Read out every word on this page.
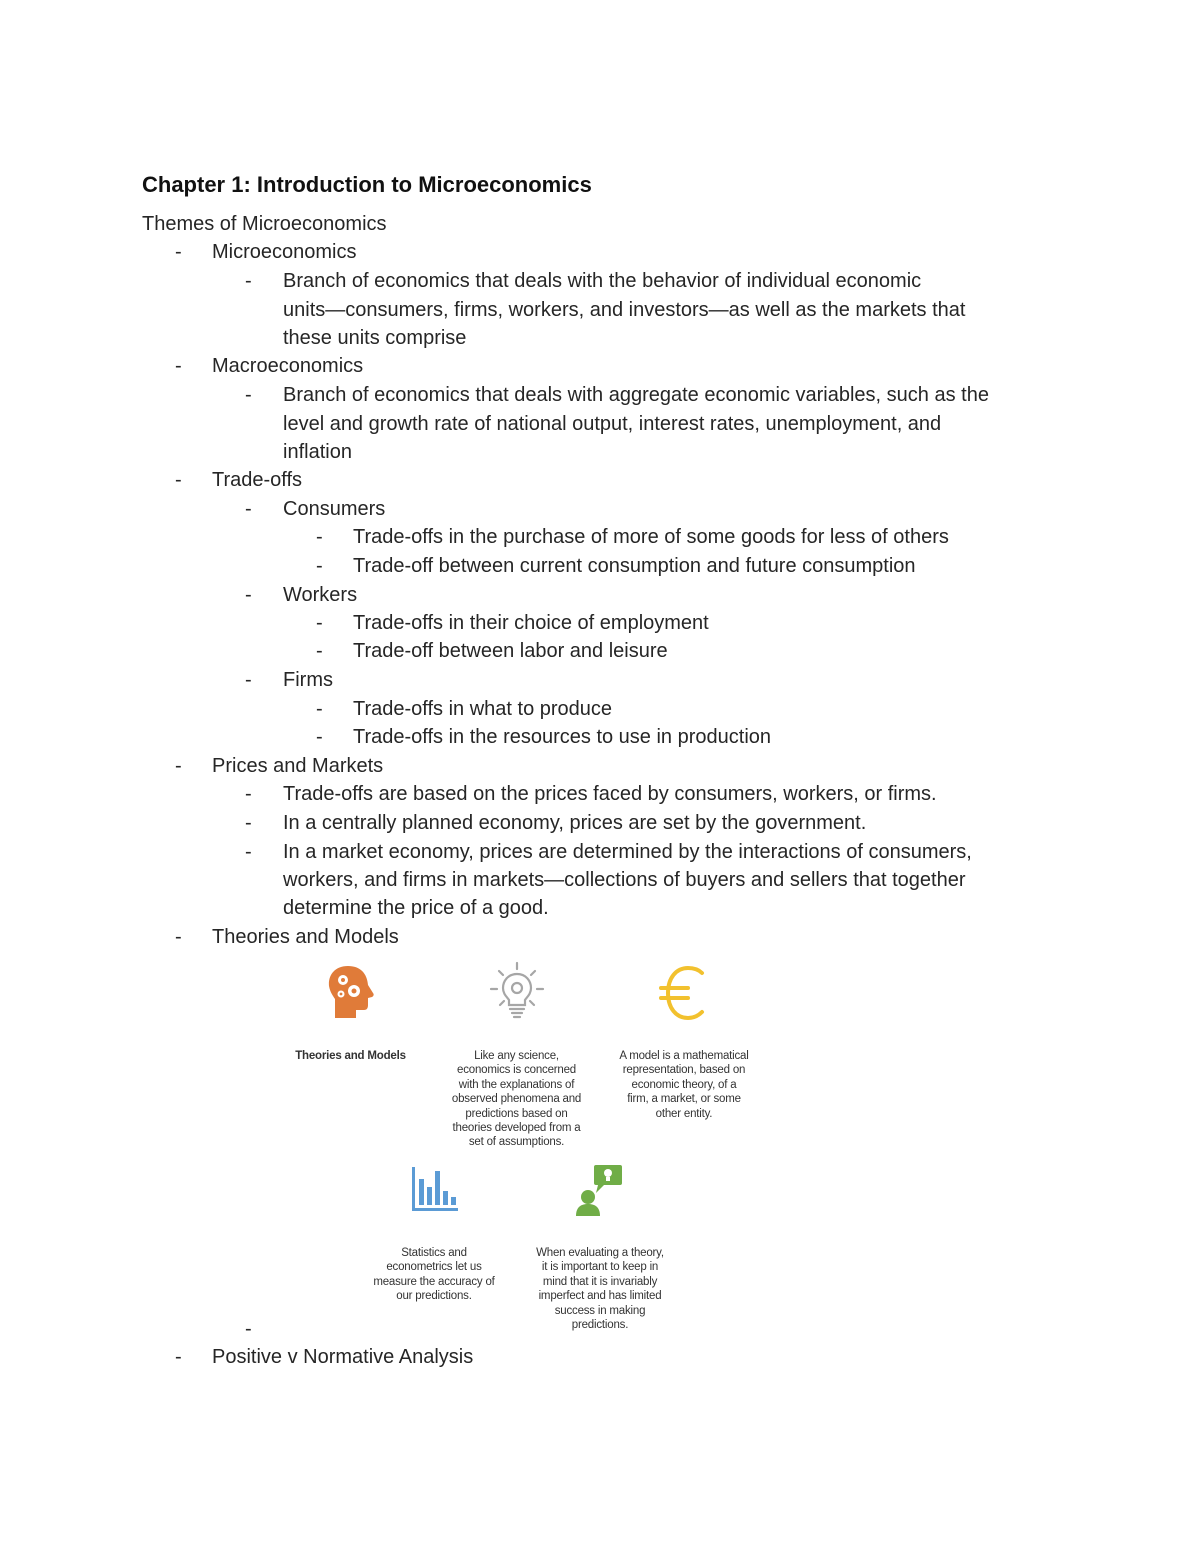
Chapter 1: Introduction to Microeconomics
Themes of Microeconomics
-	Microeconomics
-	Branch of economics that deals with the behavior of individual economic
units—consumers, firms, workers, and investors—as well as the markets that
these units comprise
-	Macroeconomics
-	Branch of economics that deals with aggregate economic variables, such as the
level and growth rate of national output, interest rates, unemployment, and
inflation
-	Trade-offs
-	Consumers
-	Trade-offs in the purchase of more of some goods for less of others
-	Trade-off between current consumption and future consumption
-	Workers
-	Trade-offs in their choice of employment
-	Trade-off between labor and leisure
-	Firms
-	Trade-offs in what to produce
-	Trade-offs in the resources to use in production
-	Prices and Markets
-	Trade-offs are based on the prices faced by consumers, workers, or firms.
-	In a centrally planned economy, prices are set by the government.
-	In a market economy, prices are determined by the interactions of consumers,
workers, and firms in markets—collections of buyers and sellers that together
determine the price of a good.
-	Theories and Models
Theories and Models	Like any science,
economics is concerned
with the explanations of
observed phenomena and
predictions based on
theories developed from a
set of assumptions.
A model is a mathematical
representation, based on
economic theory, of a
firm, a market, or some
other entity.
Statistics and
econometrics let us
measure the accuracy of
our predictions.
When evaluating a theory,
it is important to keep in
mind that it is invariably
imperfect and has limited
success in making
predictions.
-
-	Positive v Normative Analysis
